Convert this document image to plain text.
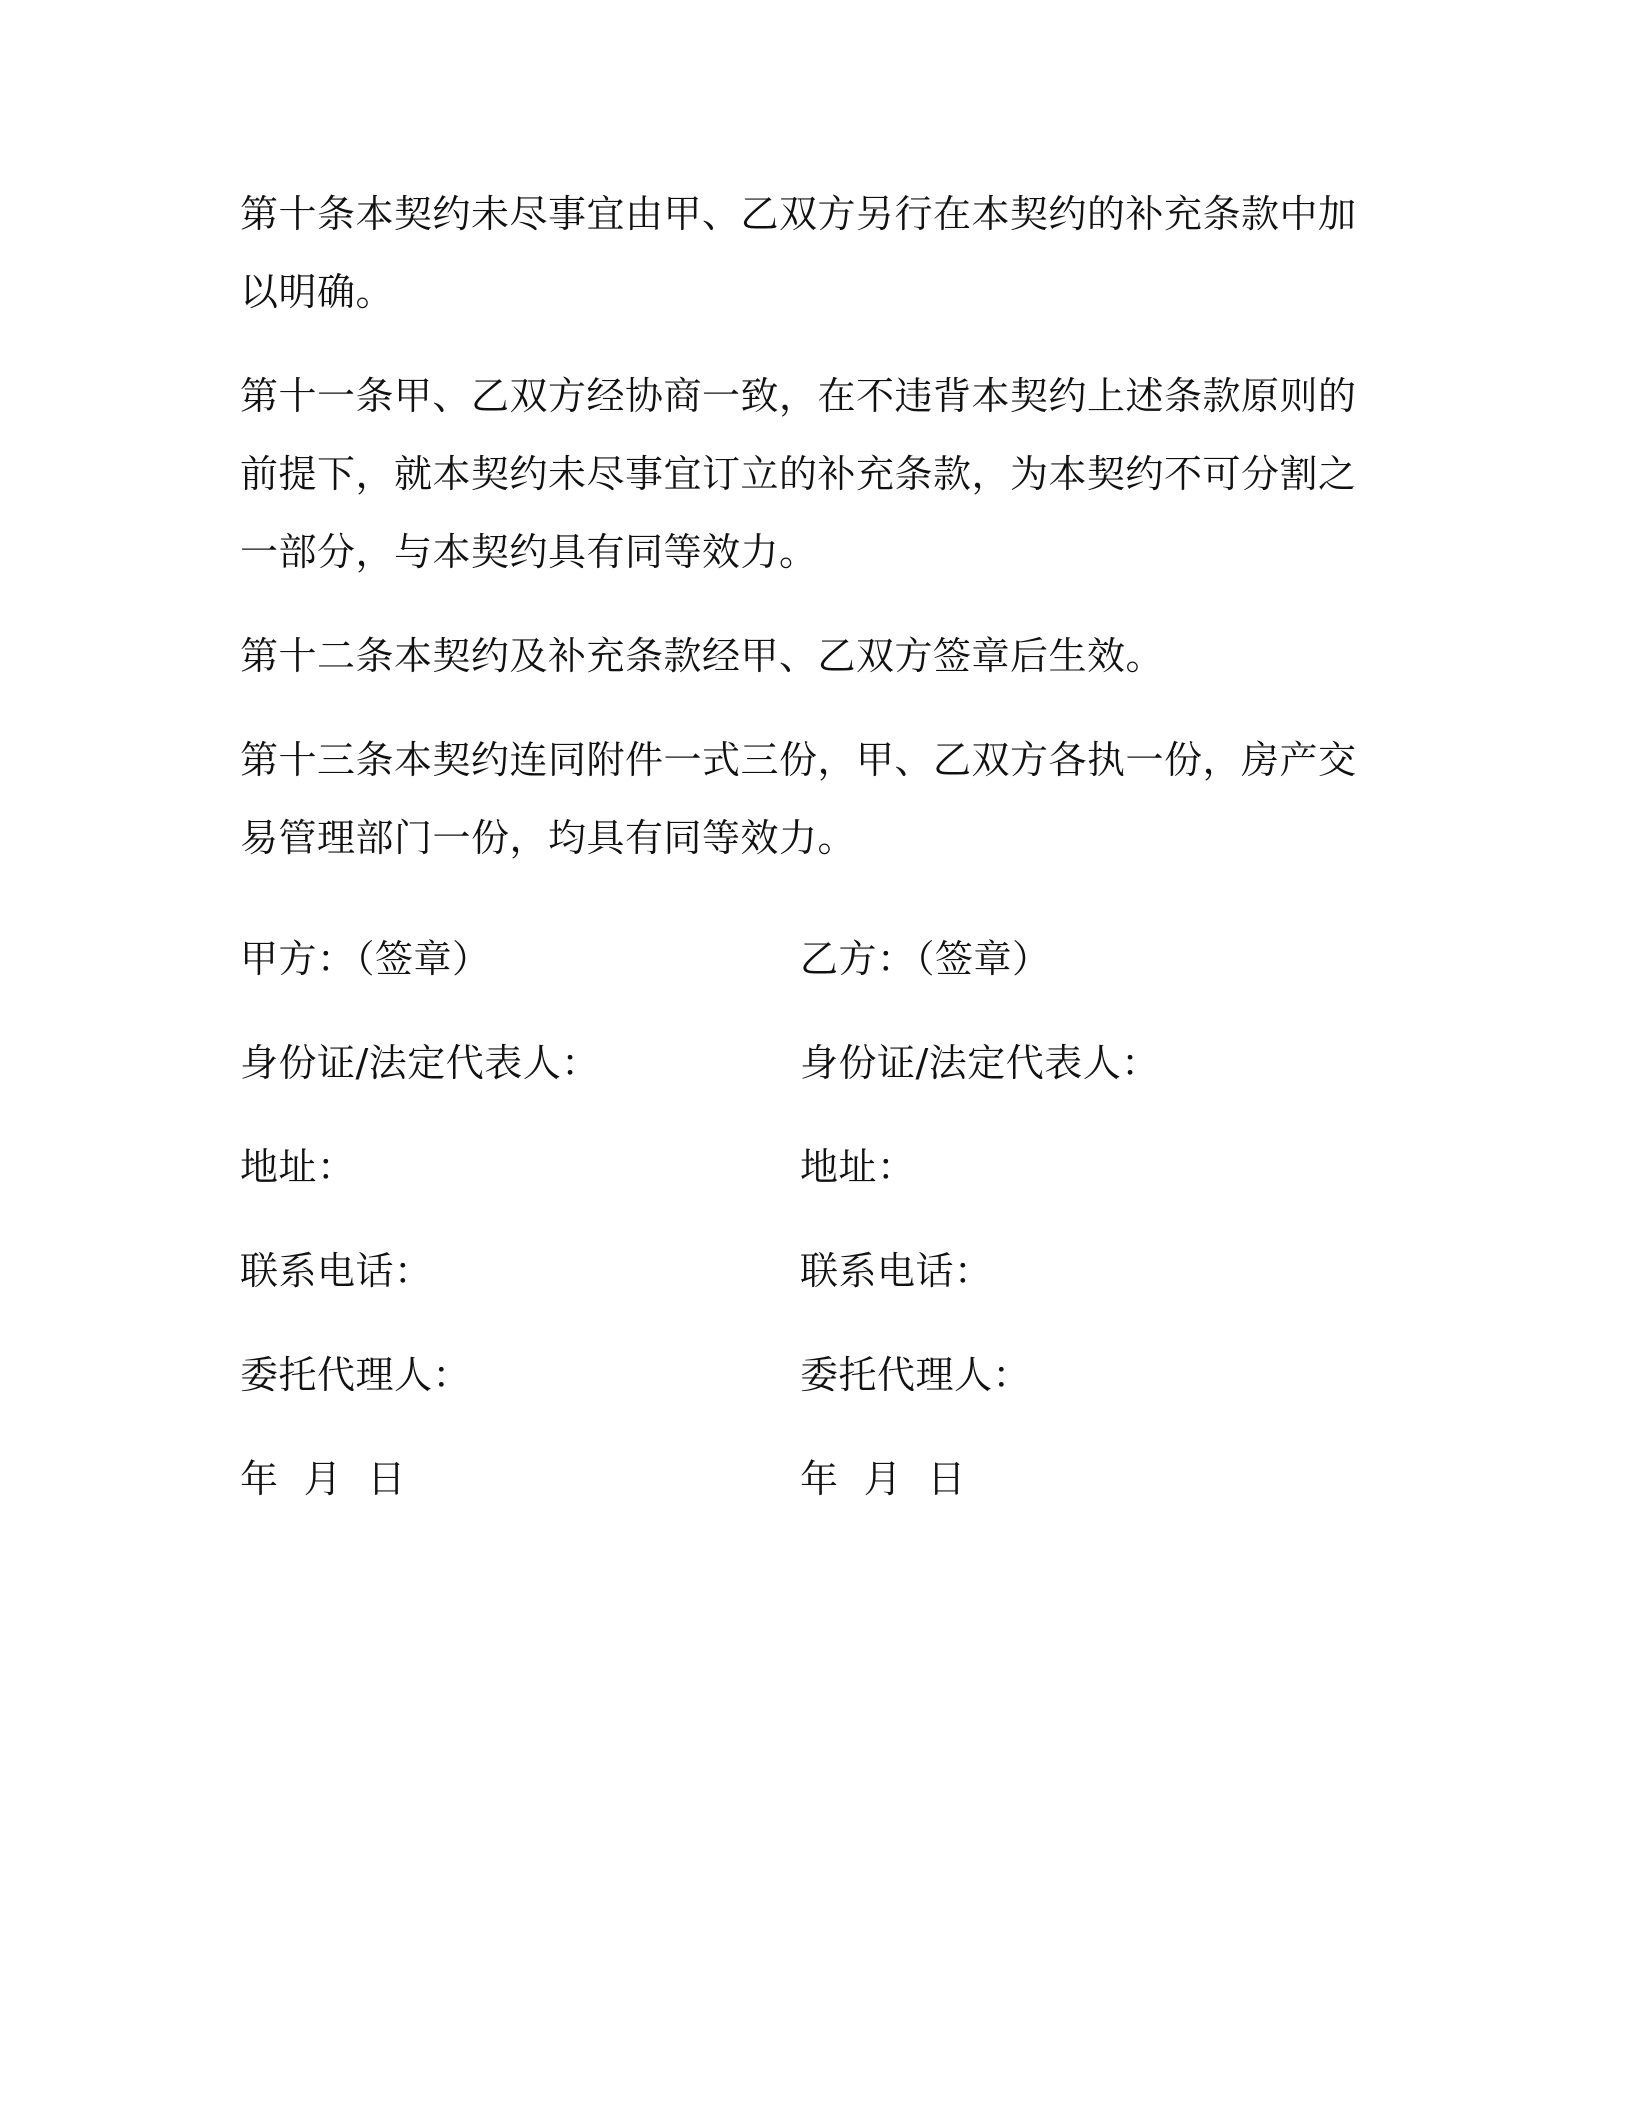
第十条本契约未尽事宜由甲、乙双方另行在本契约的补充条款中加以明确。

第十一条甲、乙双方经协商一致，在不违背本契约上述条款原则的前提下，就本契约未尽事宜订立的补充条款，为本契约不可分割之一部分，与本契约具有同等效力。

第十二条本契约及补充条款经甲、乙双方签章后生效。

第十三条本契约连同附件一式三份，甲、乙双方各执一份，房产交易管理部门一份，均具有同等效力。

甲方：（签章）	乙方：（签章）
身份证/法定代表人：	身份证/法定代表人：
地址：	地址：
联系电话：	联系电话：
委托代理人：	委托代理人：
年  月  日	年  月  日
